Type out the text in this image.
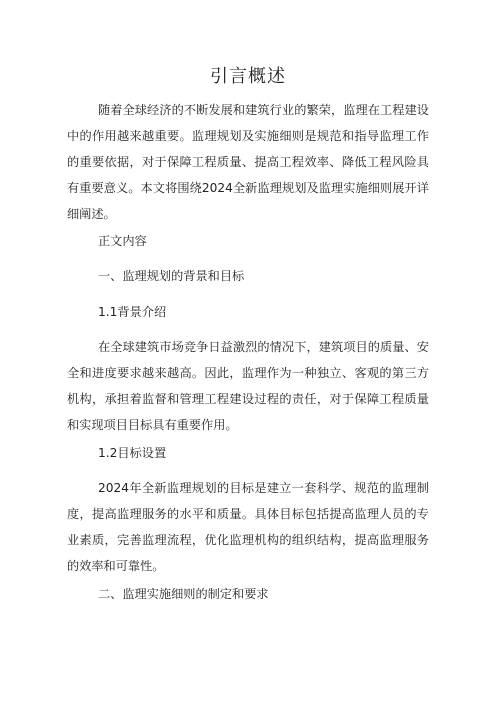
引言概述

随着全球经济的不断发展和建筑行业的繁荣，监理在工程建设中的作用越来越重要。监理规划及实施细则是规范和指导监理工作的重要依据，对于保障工程质量、提高工程效率、降低工程风险具有重要意义。本文将围绕2024全新监理规划及监理实施细则展开详细阐述。

正文内容

一、监理规划的背景和目标

1.1背景介绍

在全球建筑市场竞争日益激烈的情况下，建筑项目的质量、安全和进度要求越来越高。因此，监理作为一种独立、客观的第三方机构，承担着监督和管理工程建设过程的责任，对于保障工程质量和实现项目目标具有重要作用。

1.2目标设置

2024年全新监理规划的目标是建立一套科学、规范的监理制度，提高监理服务的水平和质量。具体目标包括提高监理人员的专业素质，完善监理流程，优化监理机构的组织结构，提高监理服务的效率和可靠性。

二、监理实施细则的制定和要求
